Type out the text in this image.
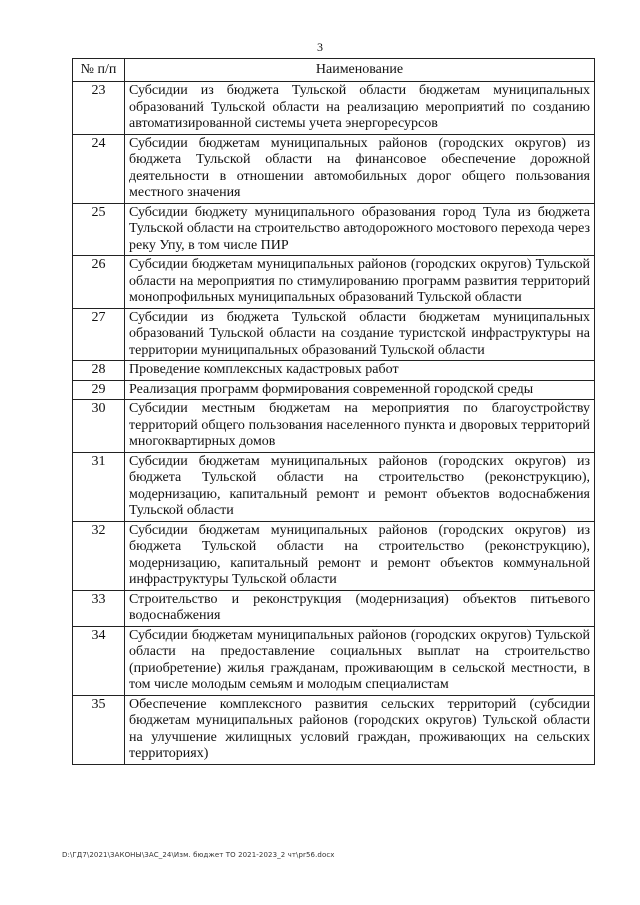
3
№ п/п	Наименование
23	Субсидии из бюджета Тульской области бюджетам муниципальных образований Тульской области на реализацию мероприятий по созданию автоматизированной системы учета энергоресурсов
24	Субсидии бюджетам муниципальных районов (городских округов) из бюджета Тульской области на финансовое обеспечение дорожной деятельности в отношении автомобильных дорог общего пользования местного значения
25	Субсидии бюджету муниципального образования город Тула из бюджета Тульской области на строительство автодорожного мостового перехода через реку Упу, в том числе ПИР
26	Субсидии бюджетам муниципальных районов (городских округов) Тульской области на мероприятия по стимулированию программ развития территорий монопрофильных муниципальных образований Тульской области
27	Субсидии из бюджета Тульской области бюджетам муниципальных образований Тульской области на создание туристской инфраструктуры на территории муниципальных образований Тульской области
28	Проведение комплексных кадастровых работ
29	Реализация программ формирования современной городской среды
30	Субсидии местным бюджетам на мероприятия по благоустройству территорий общего пользования населенного пункта и дворовых территорий многоквартирных домов
31	Субсидии бюджетам муниципальных районов (городских округов) из бюджета Тульской области на строительство (реконструкцию), модернизацию, капитальный ремонт и ремонт объектов водоснабжения Тульской области
32	Субсидии бюджетам муниципальных районов (городских округов) из бюджета Тульской области на строительство (реконструкцию), модернизацию, капитальный ремонт и ремонт объектов коммунальной инфраструктуры Тульской области
33	Строительство и реконструкция (модернизация) объектов питьевого водоснабжения
34	Субсидии бюджетам муниципальных районов (городских округов) Тульской области на предоставление социальных выплат на строительство (приобретение) жилья гражданам, проживающим в сельской местности, в том числе молодым семьям и молодым специалистам
35	Обеспечение комплексного развития сельских территорий (субсидии бюджетам муниципальных районов (городских округов) Тульской области на улучшение жилищных условий граждан, проживающих на сельских территориях)
D:\ГД7\2021\ЗАКОНЫ\ЗАС_24\Изм. бюджет ТО 2021-2023_2 чт\pr56.docx
